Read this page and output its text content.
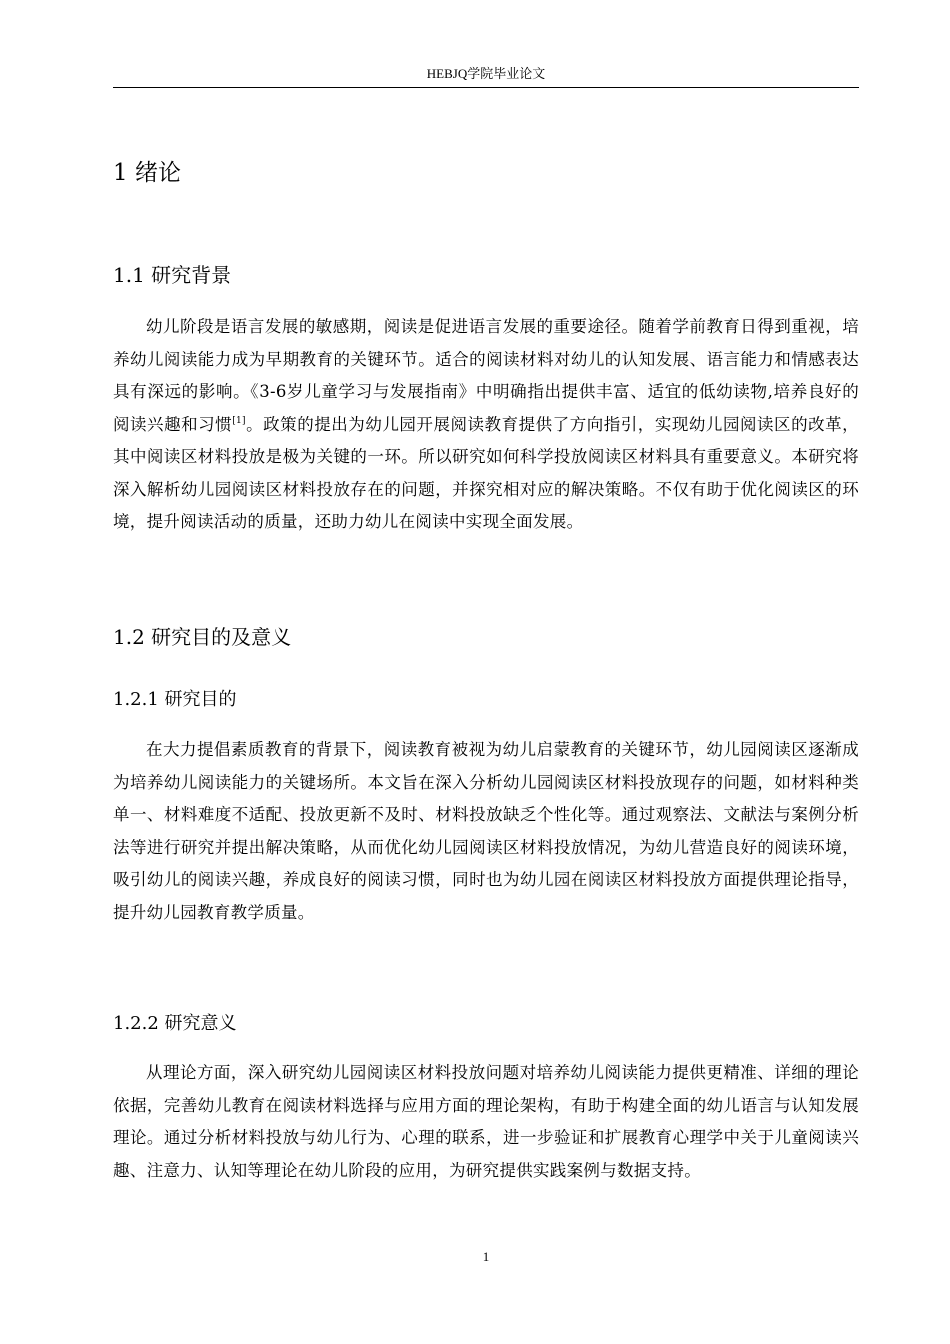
HEBJQ学院毕业论文
1 绪论
1.1 研究背景

幼儿阶段是语言发展的敏感期，阅读是促进语言发展的重要途径。随着学前教育日得到重视，培养幼儿阅读能力成为早期教育的关键环节。适合的阅读材料对幼儿的认知发展、语言能力和情感表达具有深远的影响。《3-6岁儿童学习与发展指南》中明确指出提供丰富、适宜的低幼读物,培养良好的阅读兴趣和习惯[1]。政策的提出为幼儿园开展阅读教育提供了方向指引，实现幼儿园阅读区的改革，其中阅读区材料投放是极为关键的一环。所以研究如何科学投放阅读区材料具有重要意义。本研究将深入解析幼儿园阅读区材料投放存在的问题，并探究相对应的解决策略。不仅有助于优化阅读区的环境，提升阅读活动的质量，还助力幼儿在阅读中实现全面发展。

1.2 研究目的及意义
1.2.1 研究目的

在大力提倡素质教育的背景下，阅读教育被视为幼儿启蒙教育的关键环节，幼儿园阅读区逐渐成为培养幼儿阅读能力的关键场所。本文旨在深入分析幼儿园阅读区材料投放现存的问题，如材料种类单一、材料难度不适配、投放更新不及时、材料投放缺乏个性化等。通过观察法、文献法与案例分析法等进行研究并提出解决策略，从而优化幼儿园阅读区材料投放情况，为幼儿营造良好的阅读环境，吸引幼儿的阅读兴趣，养成良好的阅读习惯，同时也为幼儿园在阅读区材料投放方面提供理论指导，提升幼儿园教育教学质量。

1.2.2 研究意义

从理论方面，深入研究幼儿园阅读区材料投放问题对培养幼儿阅读能力提供更精准、详细的理论依据，完善幼儿教育在阅读材料选择与应用方面的理论架构，有助于构建全面的幼儿语言与认知发展理论。通过分析材料投放与幼儿行为、心理的联系，进一步验证和扩展教育心理学中关于儿童阅读兴趣、注意力、认知等理论在幼儿阶段的应用，为研究提供实践案例与数据支持。

1
